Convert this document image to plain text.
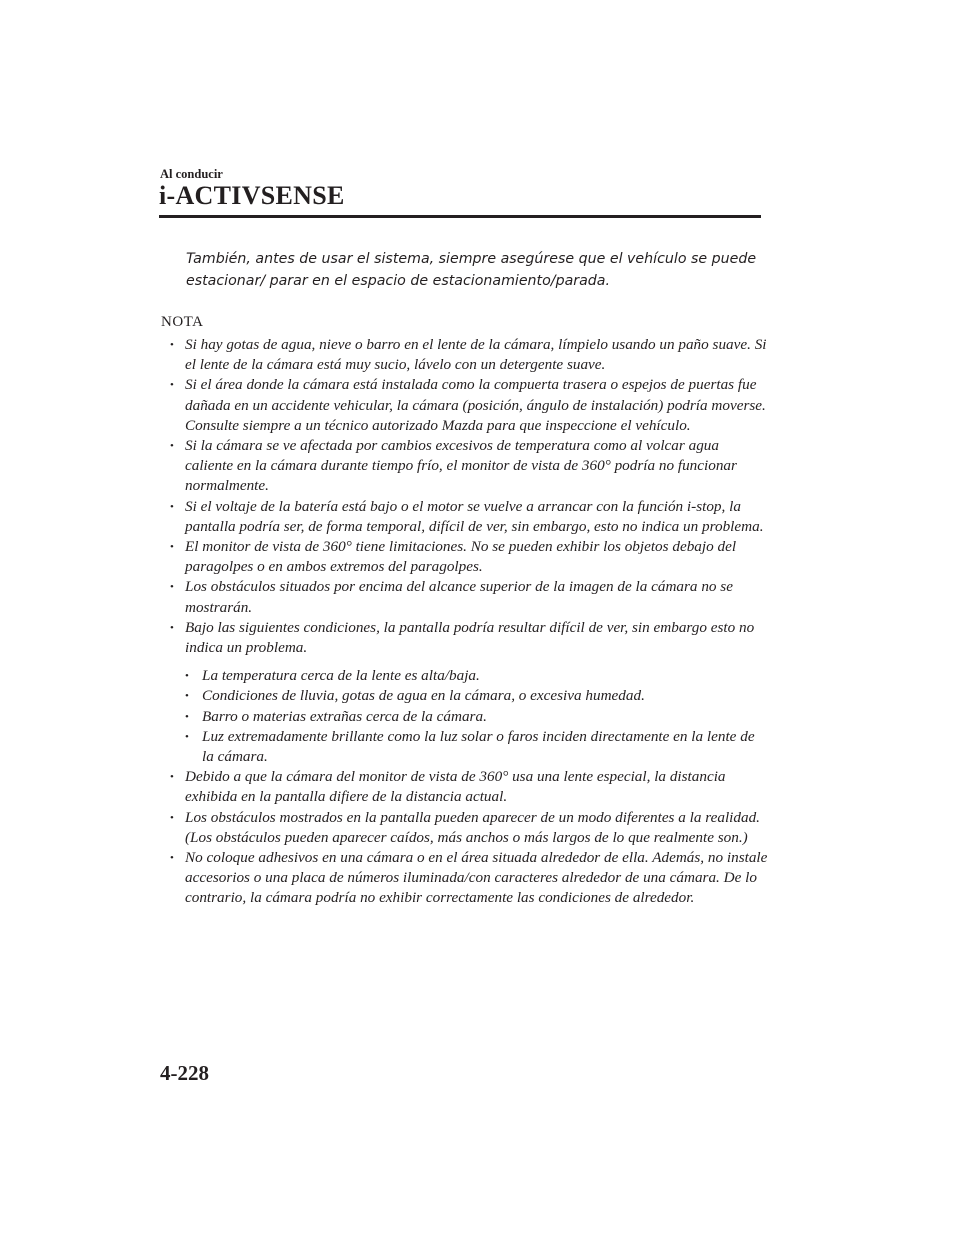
Al conducir
i-ACTIVSENSE

También, antes de usar el sistema, siempre asegúrese que el vehículo se puede estacionar/ parar en el espacio de estacionamiento/parada.

NOTA
• Si hay gotas de agua, nieve o barro en el lente de la cámara, límpielo usando un paño suave. Si el lente de la cámara está muy sucio, lávelo con un detergente suave.
• Si el área donde la cámara está instalada como la compuerta trasera o espejos de puertas fue dañada en un accidente vehicular, la cámara (posición, ángulo de instalación) podría moverse. Consulte siempre a un técnico autorizado Mazda para que inspeccione el vehículo.
• Si la cámara se ve afectada por cambios excesivos de temperatura como al volcar agua caliente en la cámara durante tiempo frío, el monitor de vista de 360° podría no funcionar normalmente.
• Si el voltaje de la batería está bajo o el motor se vuelve a arrancar con la función i-stop, la pantalla podría ser, de forma temporal, difícil de ver, sin embargo, esto no indica un problema.
• El monitor de vista de 360° tiene limitaciones. No se pueden exhibir los objetos debajo del paragolpes o en ambos extremos del paragolpes.
• Los obstáculos situados por encima del alcance superior de la imagen de la cámara no se mostrarán.
• Bajo las siguientes condiciones, la pantalla podría resultar difícil de ver, sin embargo esto no indica un problema.
• La temperatura cerca de la lente es alta/baja.
• Condiciones de lluvia, gotas de agua en la cámara, o excesiva humedad.
• Barro o materias extrañas cerca de la cámara.
• Luz extremadamente brillante como la luz solar o faros inciden directamente en la lente de la cámara.
• Debido a que la cámara del monitor de vista de 360° usa una lente especial, la distancia exhibida en la pantalla difiere de la distancia actual.
• Los obstáculos mostrados en la pantalla pueden aparecer de un modo diferentes a la realidad. (Los obstáculos pueden aparecer caídos, más anchos o más largos de lo que realmente son.)
• No coloque adhesivos en una cámara o en el área situada alrededor de ella. Además, no instale accesorios o una placa de números iluminada/con caracteres alrededor de una cámara. De lo contrario, la cámara podría no exhibir correctamente las condiciones de alrededor.
4-228
